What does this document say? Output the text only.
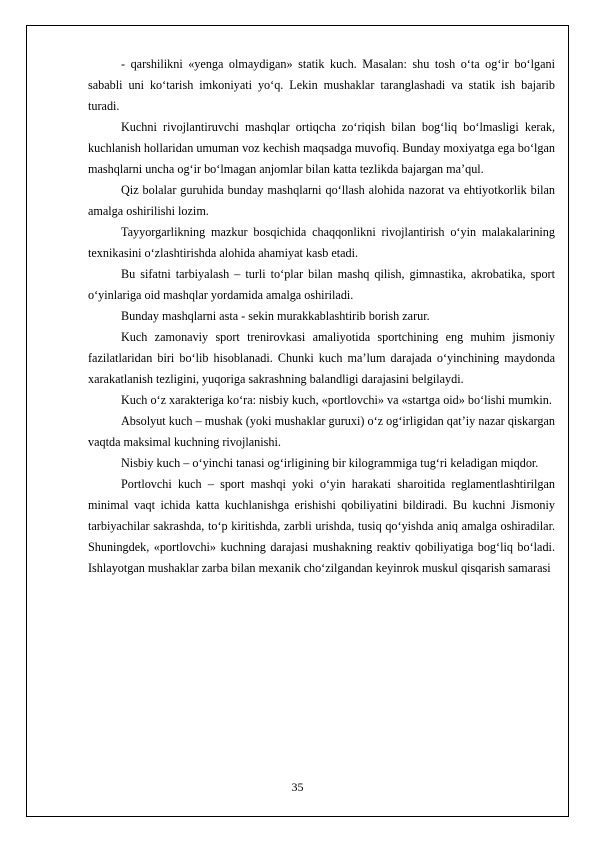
- qarshilikni «yenga olmaydigan» statik kuch. Masalan: shu tosh o‘ta og‘ir bo‘lgani sababli uni ko‘tarish imkoniyati yo‘q. Lekin mushaklar taranglashadi va statik ish bajarib turadi.

Kuchni rivojlantiruvchi mashqlar ortiqcha zo‘riqish bilan bog‘liq bo‘lmasligi kerak, kuchlanish hollaridan umuman voz kechish maqsadga muvofiq. Bunday moxiyatga ega bo‘lgan mashqlarni uncha og‘ir bo‘lmagan anjomlar bilan katta tezlikda bajargan ma’qul.

Qiz bolalar guruhida bunday mashqlarni qo‘llash alohida nazorat va ehtiyotkorlik bilan amalga oshirilishi lozim.

Tayyorgarlikning mazkur bosqichida chaqqonlikni rivojlantirish o‘yin malakalarining texnikasini o‘zlashtirishda alohida ahamiyat kasb etadi.

Bu sifatni tarbiyalash – turli to‘plar bilan mashq qilish, gimnastika, akrobatika, sport o‘yinlariga oid mashqlar yordamida amalga oshiriladi.

Bunday mashqlarni asta - sekin murakkablashtirib borish zarur.

Kuch zamonaviy sport trenirovkasi amaliyotida sportchining eng muhim jismoniy fazilatlaridan biri bo‘lib hisoblanadi. Chunki kuch ma’lum darajada o‘yinchining maydonda xarakatlanish tezligini, yuqoriga sakrashning balandligi darajasini belgilaydi.

Kuch o‘z xarakteriga ko‘ra: nisbiy kuch, «portlovchi» va «startga oid» bo‘lishi mumkin.

Absolyut kuch – mushak (yoki mushaklar guruxi) o‘z og‘irligidan qat’iy nazar qiskargan vaqtda maksimal kuchning rivojlanishi.

Nisbiy kuch – o‘yinchi tanasi og‘irligining bir kilogrammiga tug‘ri keladigan miqdor.

Portlovchi kuch – sport mashqi yoki o‘yin harakati sharoitida reglamentlashtirilgan minimal vaqt ichida katta kuchlanishga erishishi qobiliyatini bildiradi. Bu kuchni Jismoniy tarbiyachilar sakrashda, to‘p kiritishda, zarbli urishda, tusiq qo‘yishda aniq amalga oshiradilar. Shuningdek, «portlovchi» kuchning darajasi mushakning reaktiv qobiliyatiga bog‘liq bo‘ladi. Ishlayotgan mushaklar zarba bilan mexanik cho‘zilgandan keyinrok muskul qisqarish samarasi

35
